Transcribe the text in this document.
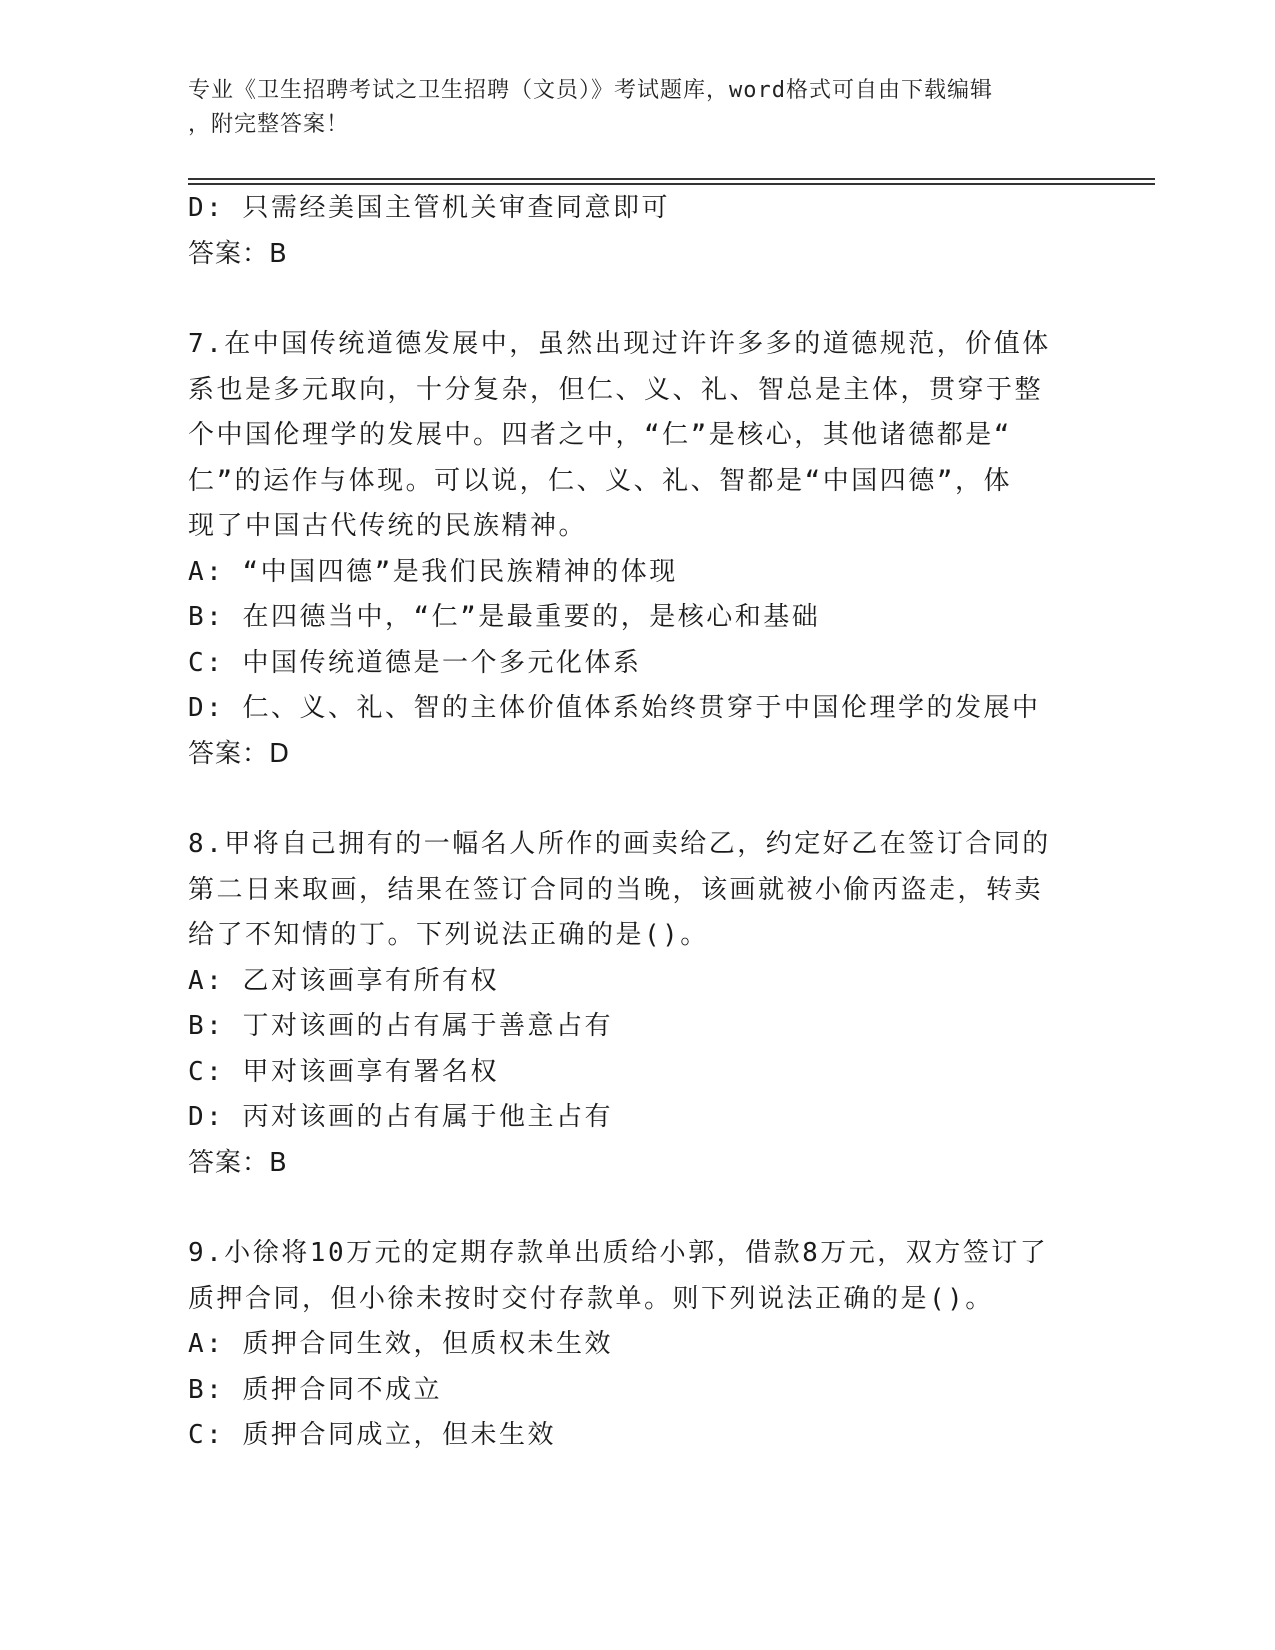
专业《卫生招聘考试之卫生招聘（文员）》考试题库，word格式可自由下载编辑
，附完整答案！
D: 只需经美国主管机关审查同意即可
答案：B
7.在中国传统道德发展中，虽然出现过许许多多的道德规范，价值体
系也是多元取向，十分复杂，但仁、义、礼、智总是主体，贯穿于整
个中国伦理学的发展中。四者之中，“仁”是核心，其他诸德都是“
仁”的运作与体现。可以说，仁、义、礼、智都是“中国四德”，体
现了中国古代传统的民族精神。
A: “中国四德”是我们民族精神的体现
B: 在四德当中，“仁”是最重要的，是核心和基础
C: 中国传统道德是一个多元化体系
D: 仁、义、礼、智的主体价值体系始终贯穿于中国伦理学的发展中
答案：D
8.甲将自己拥有的一幅名人所作的画卖给乙，约定好乙在签订合同的
第二日来取画，结果在签订合同的当晚，该画就被小偷丙盗走，转卖
给了不知情的丁。下列说法正确的是()。
A: 乙对该画享有所有权
B: 丁对该画的占有属于善意占有
C: 甲对该画享有署名权
D: 丙对该画的占有属于他主占有
答案：B
9.小徐将10万元的定期存款单出质给小郭，借款8万元，双方签订了
质押合同，但小徐未按时交付存款单。则下列说法正确的是()。
A: 质押合同生效，但质权未生效
B: 质押合同不成立
C: 质押合同成立，但未生效
